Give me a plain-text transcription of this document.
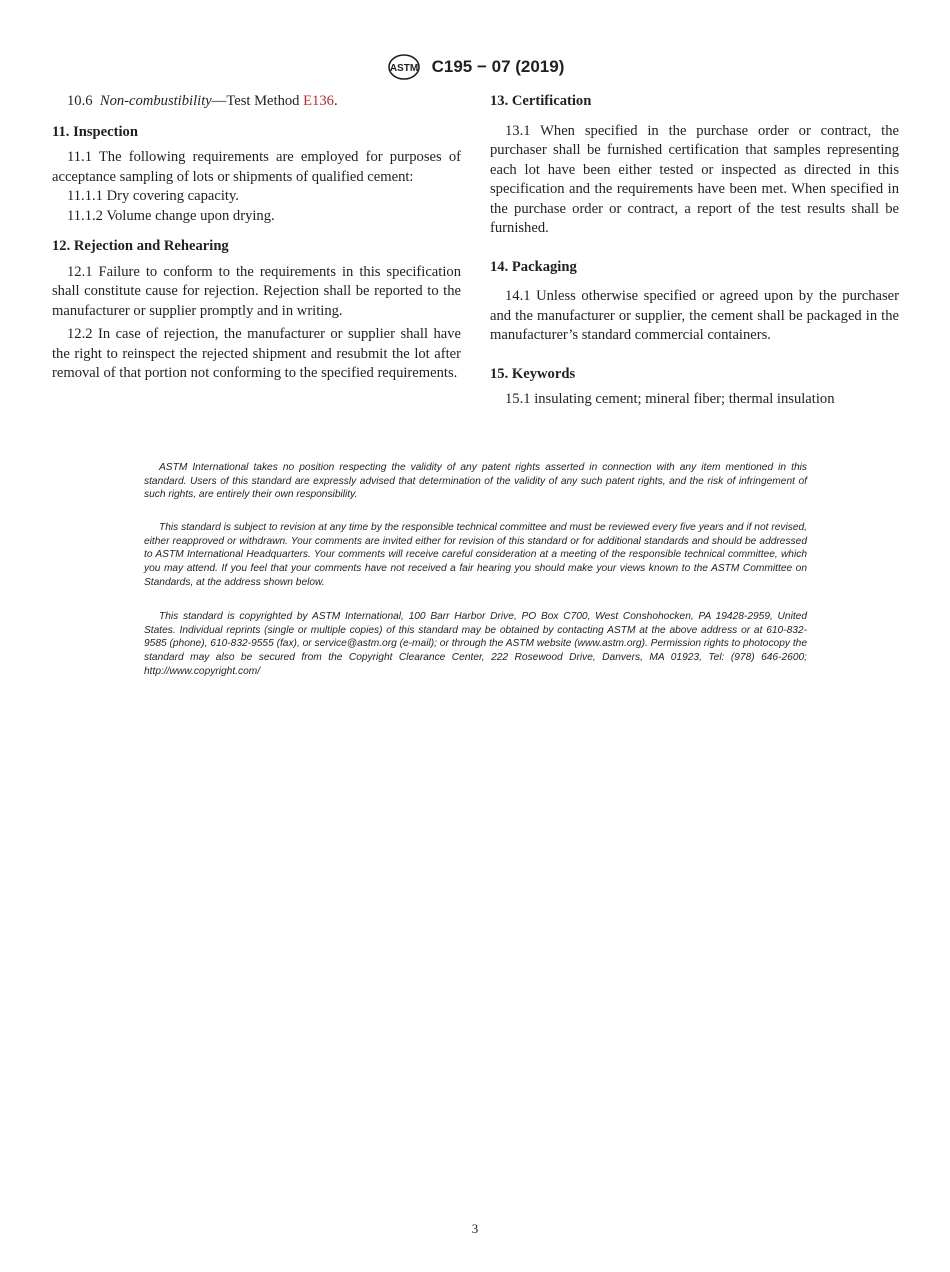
ASTM C195 − 07 (2019)

10.6 Non-combustibility—Test Method E136.

11. Inspection

11.1 The following requirements are employed for purposes of acceptance sampling of lots or shipments of qualified cement:

11.1.1 Dry covering capacity.

11.1.2 Volume change upon drying.

12. Rejection and Rehearing

12.1 Failure to conform to the requirements in this specification shall constitute cause for rejection. Rejection shall be reported to the manufacturer or supplier promptly and in writing.

12.2 In case of rejection, the manufacturer or supplier shall have the right to reinspect the rejected shipment and resubmit the lot after removal of that portion not conforming to the specified requirements.

13. Certification

13.1 When specified in the purchase order or contract, the purchaser shall be furnished certification that samples representing each lot have been either tested or inspected as directed in this specification and the requirements have been met. When specified in the purchase order or contract, a report of the test results shall be furnished.

14. Packaging

14.1 Unless otherwise specified or agreed upon by the purchaser and the manufacturer or supplier, the cement shall be packaged in the manufacturer’s standard commercial containers.

15. Keywords

15.1 insulating cement; mineral fiber; thermal insulation

ASTM International takes no position respecting the validity of any patent rights asserted in connection with any item mentioned in this standard. Users of this standard are expressly advised that determination of the validity of any such patent rights, and the risk of infringement of such rights, are entirely their own responsibility.

This standard is subject to revision at any time by the responsible technical committee and must be reviewed every five years and if not revised, either reapproved or withdrawn. Your comments are invited either for revision of this standard or for additional standards and should be addressed to ASTM International Headquarters. Your comments will receive careful consideration at a meeting of the responsible technical committee, which you may attend. If you feel that your comments have not received a fair hearing you should make your views known to the ASTM Committee on Standards, at the address shown below.

This standard is copyrighted by ASTM International, 100 Barr Harbor Drive, PO Box C700, West Conshohocken, PA 19428-2959, United States. Individual reprints (single or multiple copies) of this standard may be obtained by contacting ASTM at the above address or at 610-832-9585 (phone), 610-832-9555 (fax), or service@astm.org (e-mail); or through the ASTM website (www.astm.org). Permission rights to photocopy the standard may also be secured from the Copyright Clearance Center, 222 Rosewood Drive, Danvers, MA 01923, Tel: (978) 646-2600; http://www.copyright.com/

3
